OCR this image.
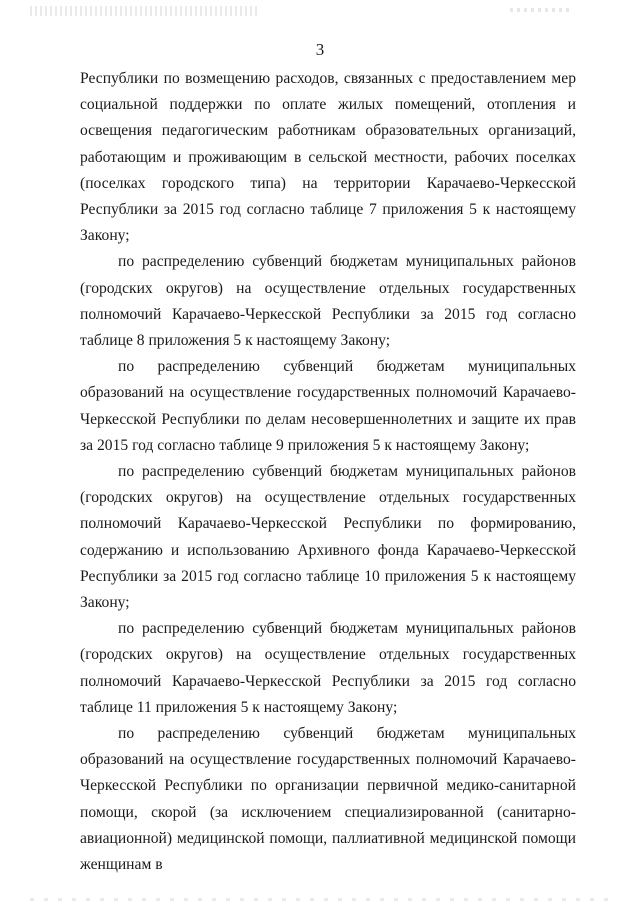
3

Республики по возмещению расходов, связанных с предоставлением мер социальной поддержки по оплате жилых помещений, отопления и освещения педагогическим работникам образовательных организаций, работающим и проживающим в сельской местности, рабочих поселках (поселках городского типа) на территории Карачаево-Черкесской Республики за 2015 год согласно таблице 7 приложения 5 к настоящему Закону;

по распределению субвенций бюджетам муниципальных районов (городских округов) на осуществление отдельных государственных полномочий Карачаево-Черкесской Республики за 2015 год согласно таблице 8 приложения 5 к настоящему Закону;

по распределению субвенций бюджетам муниципальных образований на осуществление государственных полномочий Карачаево-Черкесской Республики по делам несовершеннолетних и защите их прав за 2015 год согласно таблице 9 приложения 5 к настоящему Закону;

по распределению субвенций бюджетам муниципальных районов (городских округов) на осуществление отдельных государственных полномочий Карачаево-Черкесской Республики по формированию, содержанию и использованию Архивного фонда Карачаево-Черкесской Республики за 2015 год согласно таблице 10 приложения 5 к настоящему Закону;

по распределению субвенций бюджетам муниципальных районов (городских округов) на осуществление отдельных государственных полномочий Карачаево-Черкесской Республики за 2015 год согласно таблице 11 приложения 5 к настоящему Закону;

по распределению субвенций бюджетам муниципальных образований на осуществление государственных полномочий Карачаево-Черкесской Республики по организации первичной медико-санитарной помощи, скорой (за исключением специализированной (санитарно-авиационной) медицинской помощи, паллиативной медицинской помощи женщинам в
